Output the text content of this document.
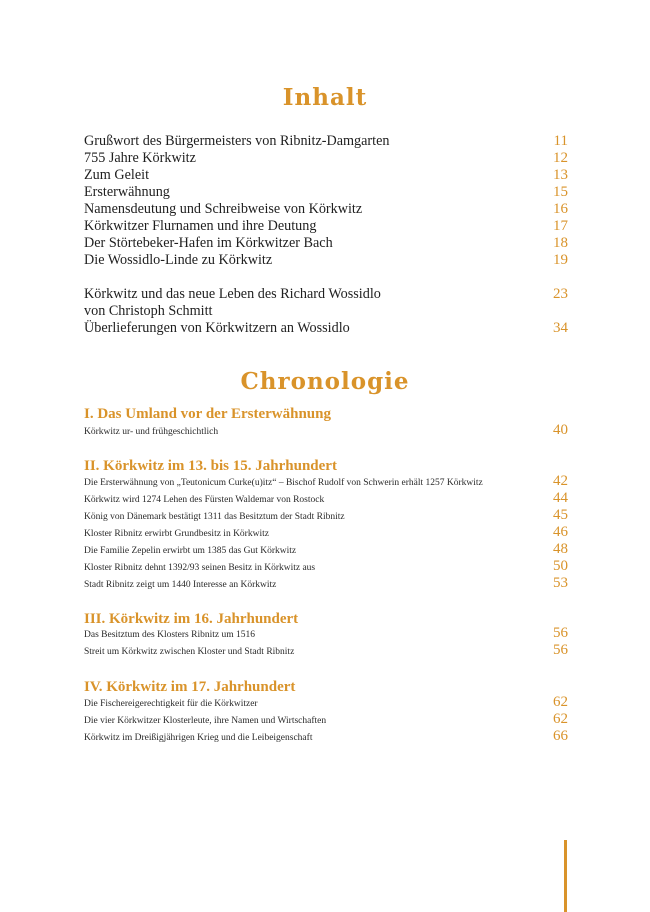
Inhalt
Grußwort des Bürgermeisters von Ribnitz-Damgarten	11
755 Jahre Körkwitz	12
Zum Geleit	13
Ersterwähnung	15
Namensdeutung und Schreibweise von Körkwitz	16
Körkwitzer Flurnamen und ihre Deutung	17
Der Störtebeker-Hafen im Körkwitzer Bach	18
Die Wossidlo-Linde zu Körkwitz	19
Körkwitz und das neue Leben des Richard Wossidlo	23
von Christoph Schmitt
Überlieferungen von Körkwitzern an Wossidlo	34
Chronologie
I. Das Umland vor der Ersterwähnung
Körkwitz ur- und frühgeschichtlich	40
II. Körkwitz im 13. bis 15. Jahrhundert
Die Ersterwähnung von „Teutonicum Curke(u)itz“ – Bischof Rudolf von Schwerin erhält 1257 Körkwitz	42
Körkwitz wird 1274 Lehen des Fürsten Waldemar von Rostock	44
König von Dänemark bestätigt 1311 das Besitztum der Stadt Ribnitz	45
Kloster Ribnitz erwirbt Grundbesitz in Körkwitz	46
Die Familie Zepelin erwirbt um 1385 das Gut Körkwitz	48
Kloster Ribnitz dehnt 1392/93 seinen Besitz in Körkwitz aus	50
Stadt Ribnitz zeigt um 1440 Interesse an Körkwitz	53
III. Körkwitz im 16. Jahrhundert
Das Besitztum des Klosters Ribnitz um 1516	56
Streit um Körkwitz zwischen Kloster und Stadt Ribnitz	56
IV. Körkwitz im 17. Jahrhundert
Die Fischereigerechtigkeit für die Körkwitzer	62
Die vier Körkwitzer Klosterleute, ihre Namen und Wirtschaften	62
Körkwitz im Dreißigjährigen Krieg und die Leibeigenschaft	66
